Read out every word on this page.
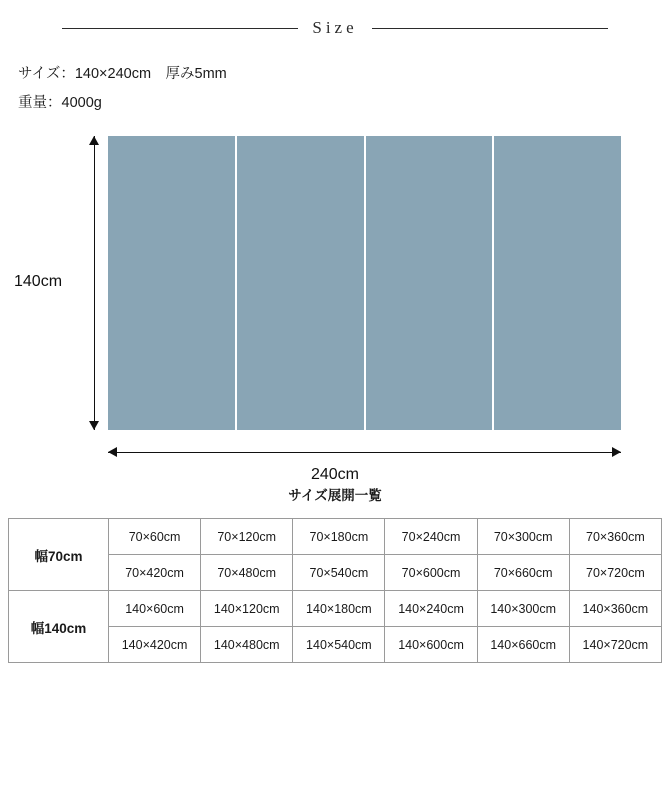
Size
サイズ：140×240cm　厚み5mm
重量：4000g
140cm
240cm
サイズ展開一覧
幅70cm	70×60cm	70×120cm	70×180cm	70×240cm	70×300cm	70×360cm
	70×420cm	70×480cm	70×540cm	70×600cm	70×660cm	70×720cm
幅140cm	140×60cm	140×120cm	140×180cm	140×240cm	140×300cm	140×360cm
	140×420cm	140×480cm	140×540cm	140×600cm	140×660cm	140×720cm
